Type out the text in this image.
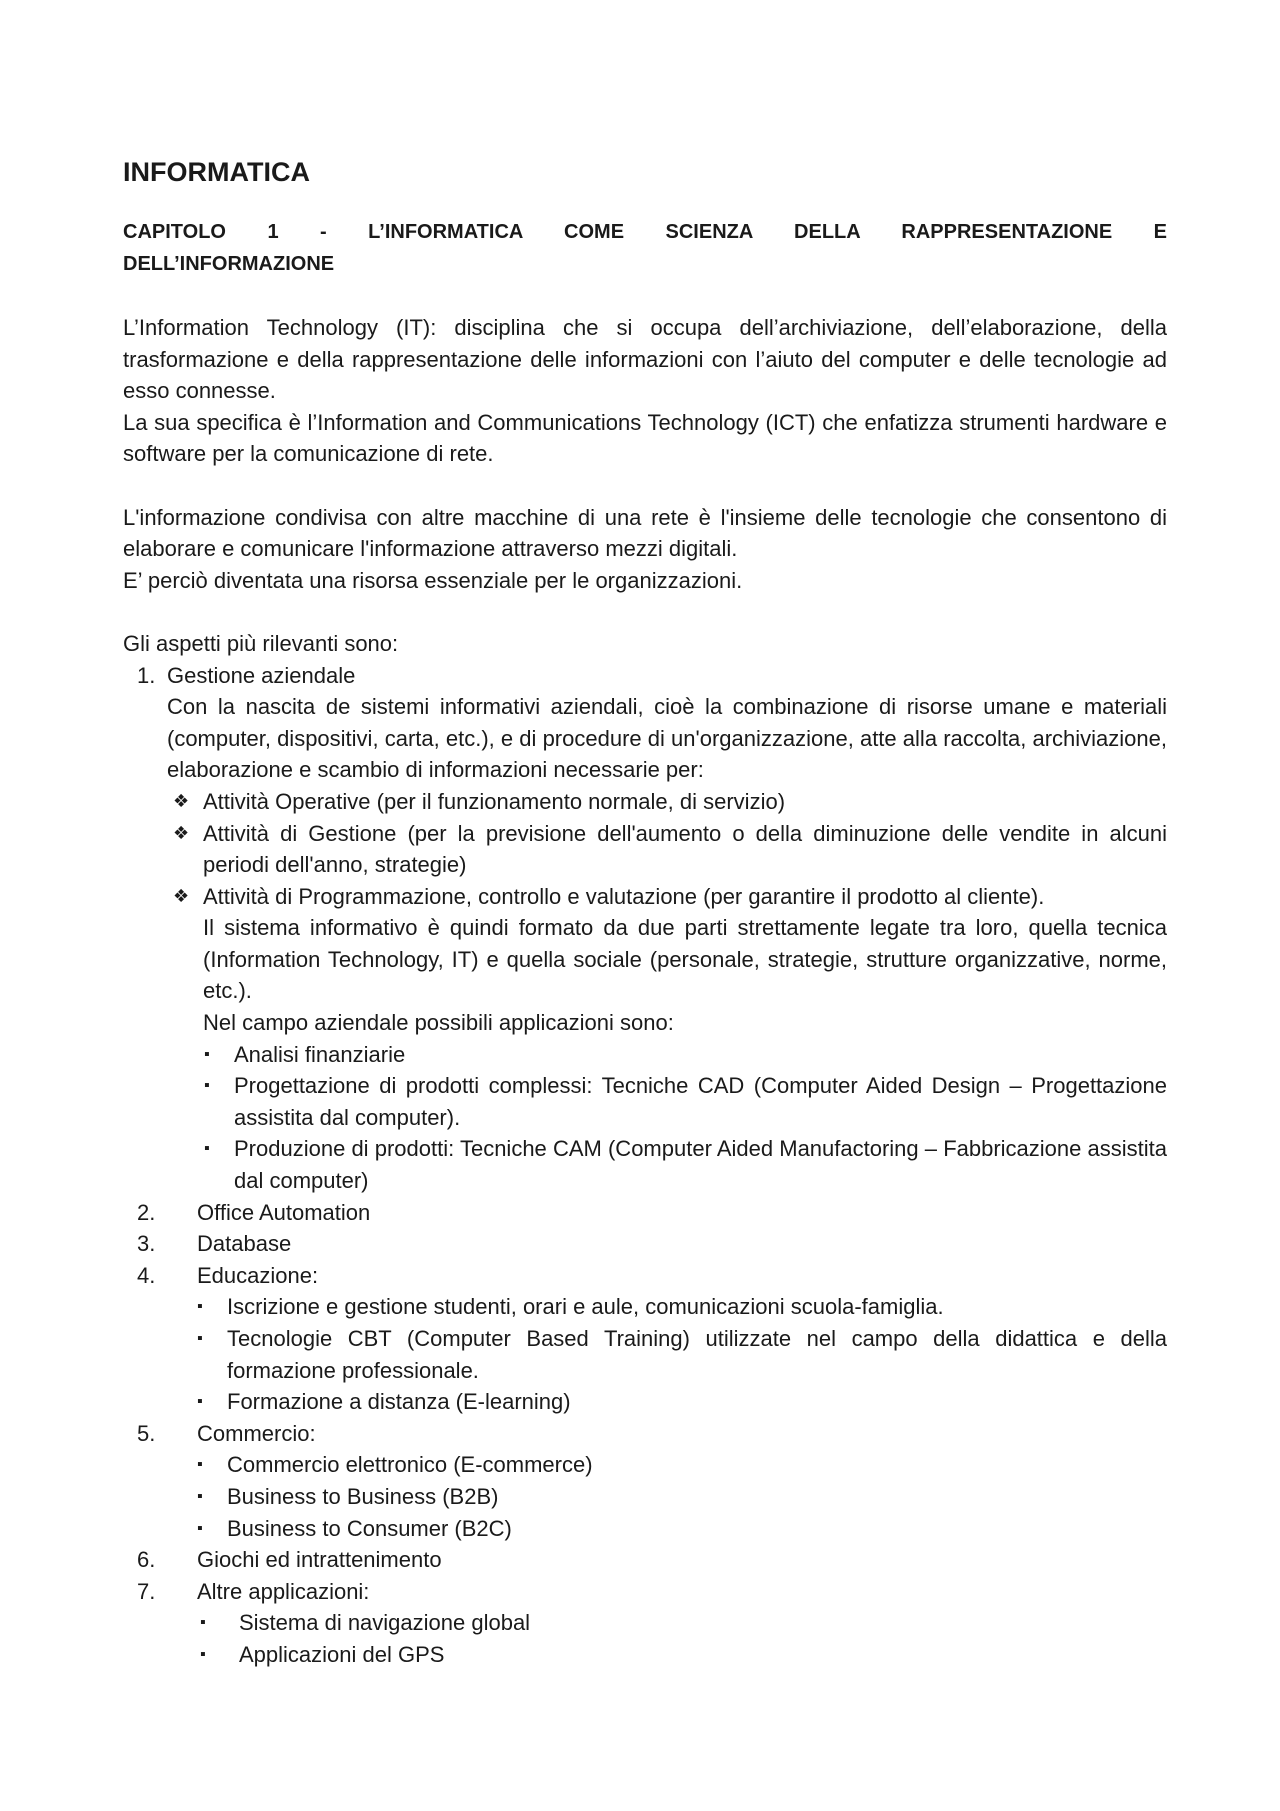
INFORMATICA
CAPITOLO 1 - L’INFORMATICA COME SCIENZA DELLA RAPPRESENTAZIONE E
DELL’INFORMAZIONE

L’Information Technology (IT): disciplina che si occupa dell’archiviazione, dell’elaborazione, della trasformazione e della rappresentazione delle informazioni con l’aiuto del computer e delle tecnologie ad esso connesse.

La sua specifica è l’Information and Communications Technology (ICT) che enfatizza strumenti hardware e software per la comunicazione di rete.

L'informazione condivisa con altre macchine di una rete è l'insieme delle tecnologie che consentono di elaborare e comunicare l'informazione attraverso mezzi digitali.

E’ perciò diventata una risorsa essenziale per le organizzazioni.

Gli aspetti più rilevanti sono:
1. Gestione aziendale
Con la nascita de sistemi informativi aziendali, cioè la combinazione di risorse umane e materiali (computer, dispositivi, carta, etc.), e di procedure di un'organizzazione, atte alla raccolta, archiviazione, elaborazione e scambio di informazioni necessarie per:
❖ Attività Operative (per il funzionamento normale, di servizio)
❖ Attività di Gestione (per la previsione dell'aumento o della diminuzione delle vendite in alcuni periodi dell'anno, strategie)
❖ Attività di Programmazione, controllo e valutazione (per garantire il prodotto al cliente).
Il sistema informativo è quindi formato da due parti strettamente legate tra loro, quella tecnica (Information Technology, IT) e quella sociale (personale, strategie, strutture organizzative, norme, etc.).
Nel campo aziendale possibili applicazioni sono:
▪	Analisi finanziarie
▪	Progettazione di prodotti complessi: Tecniche CAD (Computer Aided Design – Progettazione assistita dal computer).
▪	Produzione di prodotti: Tecniche CAM (Computer Aided Manufactoring – Fabbricazione assistita dal computer)
2.	Office Automation
3.	Database
4.	Educazione:
▪	Iscrizione e gestione studenti, orari e aule, comunicazioni scuola-famiglia.
▪	Tecnologie CBT (Computer Based Training) utilizzate nel campo della didattica e della formazione professionale.
▪	Formazione a distanza (E-learning)
5.	Commercio:
▪	Commercio elettronico (E-commerce)
▪	Business to Business (B2B)
▪	Business to Consumer (B2C)
6.	Giochi ed intrattenimento
7.	Altre applicazioni:
▪	Sistema di navigazione global
▪	Applicazioni del GPS
